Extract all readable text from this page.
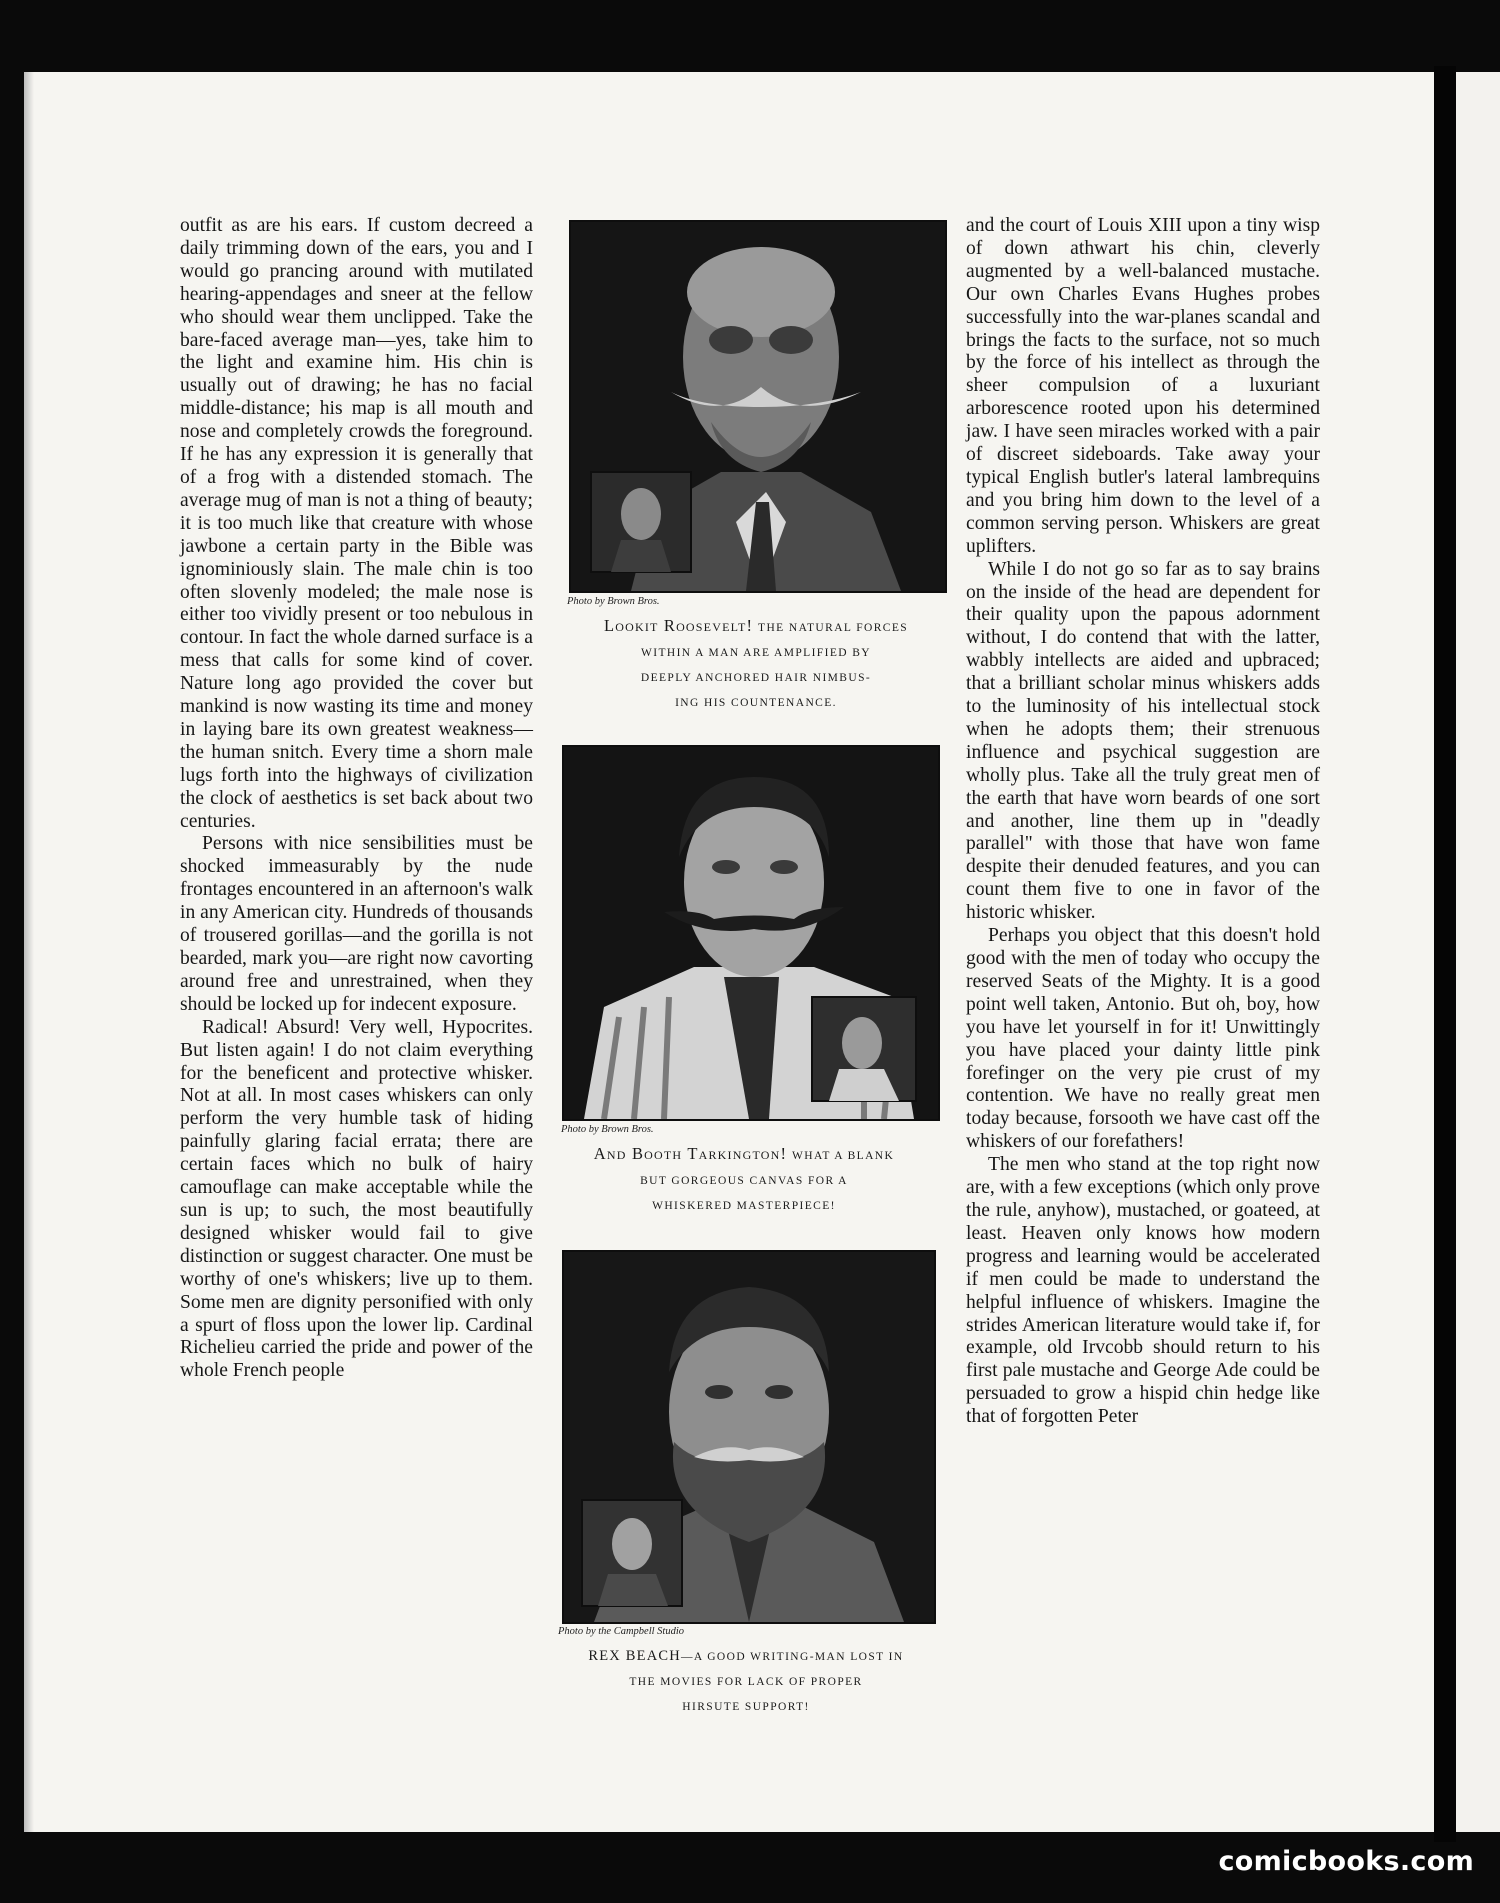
outfit as are his ears. If custom decreed a daily trimming down of the ears, you and I would go prancing around with mutilated hearing-appendages and sneer at the fellow who should wear them unclipped. Take the bare-faced average man—yes, take him to the light and examine him. His chin is usually out of drawing; he has no facial middle-distance; his map is all mouth and nose and completely crowds the foreground. If he has any expression it is generally that of a frog with a distended stomach. The average mug of man is not a thing of beauty; it is too much like that creature with whose jawbone a certain party in the Bible was ignominiously slain. The male chin is too often slovenly modeled; the male nose is either too vividly present or too nebulous in contour. In fact the whole darned surface is a mess that calls for some kind of cover. Nature long ago provided the cover but mankind is now wasting its time and money in laying bare its own greatest weakness—the human snitch. Every time a shorn male lugs forth into the highways of civilization the clock of aesthetics is set back about two centuries.

Persons with nice sensibilities must be shocked immeasurably by the nude frontages encountered in an afternoon's walk in any American city. Hundreds of thousands of trousered gorillas—and the gorilla is not bearded, mark you—are right now cavorting around free and unrestrained, when they should be locked up for indecent exposure.

Radical! Absurd! Very well, Hypocrites. But listen again! I do not claim everything for the beneficent and protective whisker. Not at all. In most cases whiskers can only perform the very humble task of hiding painfully glaring facial errata; there are certain faces which no bulk of hairy camouflage can make acceptable while the sun is up; to such, the most beautifully designed whisker would fail to give distinction or suggest character. One must be worthy of one's whiskers; live up to them. Some men are dignity personified with only a spurt of floss upon the lower lip. Cardinal Richelieu carried the pride and power of the whole French people

Photo by Brown Bros.
Lookit Roosevelt! THE NATURAL FORCES
WITHIN A MAN ARE AMPLIFIED BY
DEEPLY ANCHORED HAIR NIMBUS-
ING HIS COUNTENANCE.
Photo by Brown Bros.
And Booth Tarkington! WHAT A BLANK
BUT GORGEOUS CANVAS FOR A
WHISKERED MASTERPIECE!
Photo by the Campbell Studio
REX BEACH—A GOOD WRITING-MAN LOST IN
THE MOVIES FOR LACK OF PROPER
HIRSUTE SUPPORT!

and the court of Louis XIII upon a tiny wisp of down athwart his chin, cleverly augmented by a well-balanced mustache. Our own Charles Evans Hughes probes successfully into the war-planes scandal and brings the facts to the surface, not so much by the force of his intellect as through the sheer compulsion of a luxuriant arborescence rooted upon his determined jaw. I have seen miracles worked with a pair of discreet sideboards. Take away your typical English butler's lateral lambrequins and you bring him down to the level of a common serving person. Whiskers are great uplifters.

While I do not go so far as to say brains on the inside of the head are dependent for their quality upon the papous adornment without, I do contend that with the latter, wabbly intellects are aided and upbraced; that a brilliant scholar minus whiskers adds to the luminosity of his intellectual stock when he adopts them; their strenuous influence and psychical suggestion are wholly plus. Take all the truly great men of the earth that have worn beards of one sort and another, line them up in "deadly parallel" with those that have won fame despite their denuded features, and you can count them five to one in favor of the historic whisker.

Perhaps you object that this doesn't hold good with the men of today who occupy the reserved Seats of the Mighty. It is a good point well taken, Antonio. But oh, boy, how you have let yourself in for it! Unwittingly you have placed your dainty little pink forefinger on the very pie crust of my contention. We have no really great men today because, forsooth we have cast off the whiskers of our forefathers!

The men who stand at the top right now are, with a few exceptions (which only prove the rule, anyhow), mustached, or goateed, at least. Heaven only knows how modern progress and learning would be accelerated if men could be made to understand the helpful influence of whiskers. Imagine the strides American literature would take if, for example, old Irvcobb should return to his first pale mustache and George Ade could be persuaded to grow a hispid chin hedge like that of forgotten Peter

comicbooks.com
